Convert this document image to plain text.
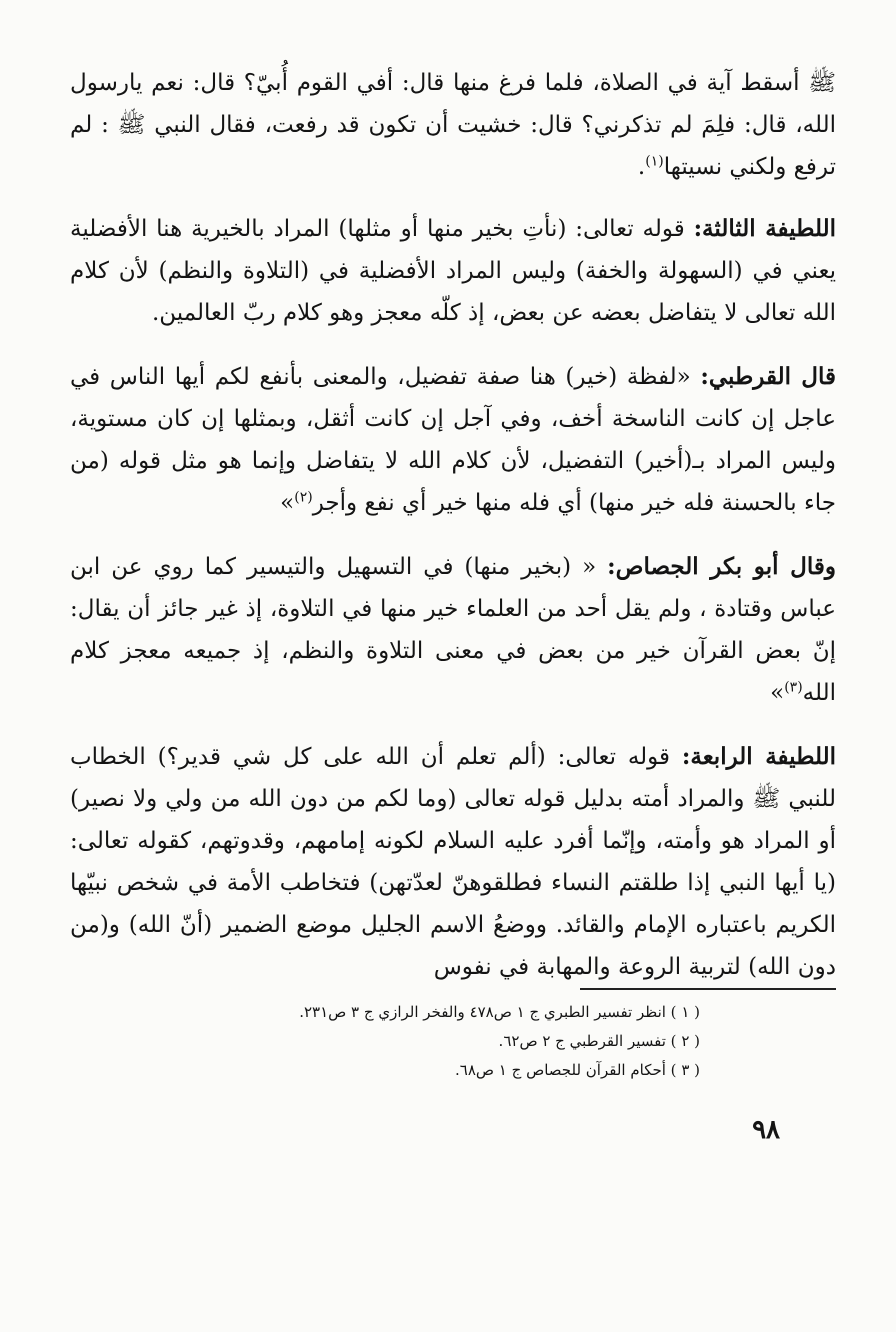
ﷺ أسقط آية في الصلاة، فلما فرغ منها قال: أفي القوم أُبيّ؟ قال: نعم يارسول الله، قال: فلِمَ لم تذكرني؟ قال: خشيت أن تكون قد رفعت، فقال النبي ﷺ : لم ترفع ولكني نسيتها$^{(١)}$.

اللطيفة الثالثة: قوله تعالى: (نأتِ بخير منها أو مثلها) المراد بالخيرية هنا الأفضلية يعني في (السهولة والخفة) وليس المراد الأفضلية في (التلاوة والنظم) لأن كلام الله تعالى لا يتفاضل بعضه عن بعض، إذ كلّه معجز وهو كلام ربّ العالمين.

قال القرطبي: «لفظة (خير) هنا صفة تفضيل، والمعنى بأنفع لكم أيها الناس في عاجل إن كانت الناسخة أخف، وفي آجل إن كانت أثقل، وبمثلها إن كان مستوية، وليس المراد بـ(أخير) التفضيل، لأن كلام الله لا يتفاضل وإنما هو مثل قوله (من جاء بالحسنة فله خير منها) أي فله منها خير أي نفع وأجر$^{(٢)}$»

وقال أبو بكر الجصاص: « (بخير منها) في التسهيل والتيسير كما روي عن ابن عباس وقتادة ، ولم يقل أحد من العلماء خير منها في التلاوة، إذ غير جائز أن يقال: إنّ بعض القرآن خير من بعض في معنى التلاوة والنظم، إذ جميعه معجز كلام الله$^{(٣)}$»

اللطيفة الرابعة: قوله تعالى: (ألم تعلم أن الله على كل شي قدير؟) الخطاب للنبي ﷺ والمراد أمته بدليل قوله تعالى (وما لكم من دون الله من ولي ولا نصير) أو المراد هو وأمته، وإنّما أفرد عليه السلام لكونه إمامهم، وقدوتهم، كقوله تعالى: (يا أيها النبي إذا طلقتم النساء فطلقوهنّ لعدّتهن) فتخاطب الأمة في شخص نبيّها الكريم باعتباره الإمام والقائد. ووضعُ الاسم الجليل موضع الضمير (أنّ الله) و(من دون الله) لتربية الروعة والمهابة في نفوس

( ١ ) انظر تفسير الطبري ج ١ ص٤٧٨ والفخر الرازي ج ٣ ص٢٣١.
( ٢ ) تفسير القرطبي ج ٢ ص٦٢.
( ٣ ) أحكام القرآن للجصاص ج ١ ص٦٨.
٩٨
